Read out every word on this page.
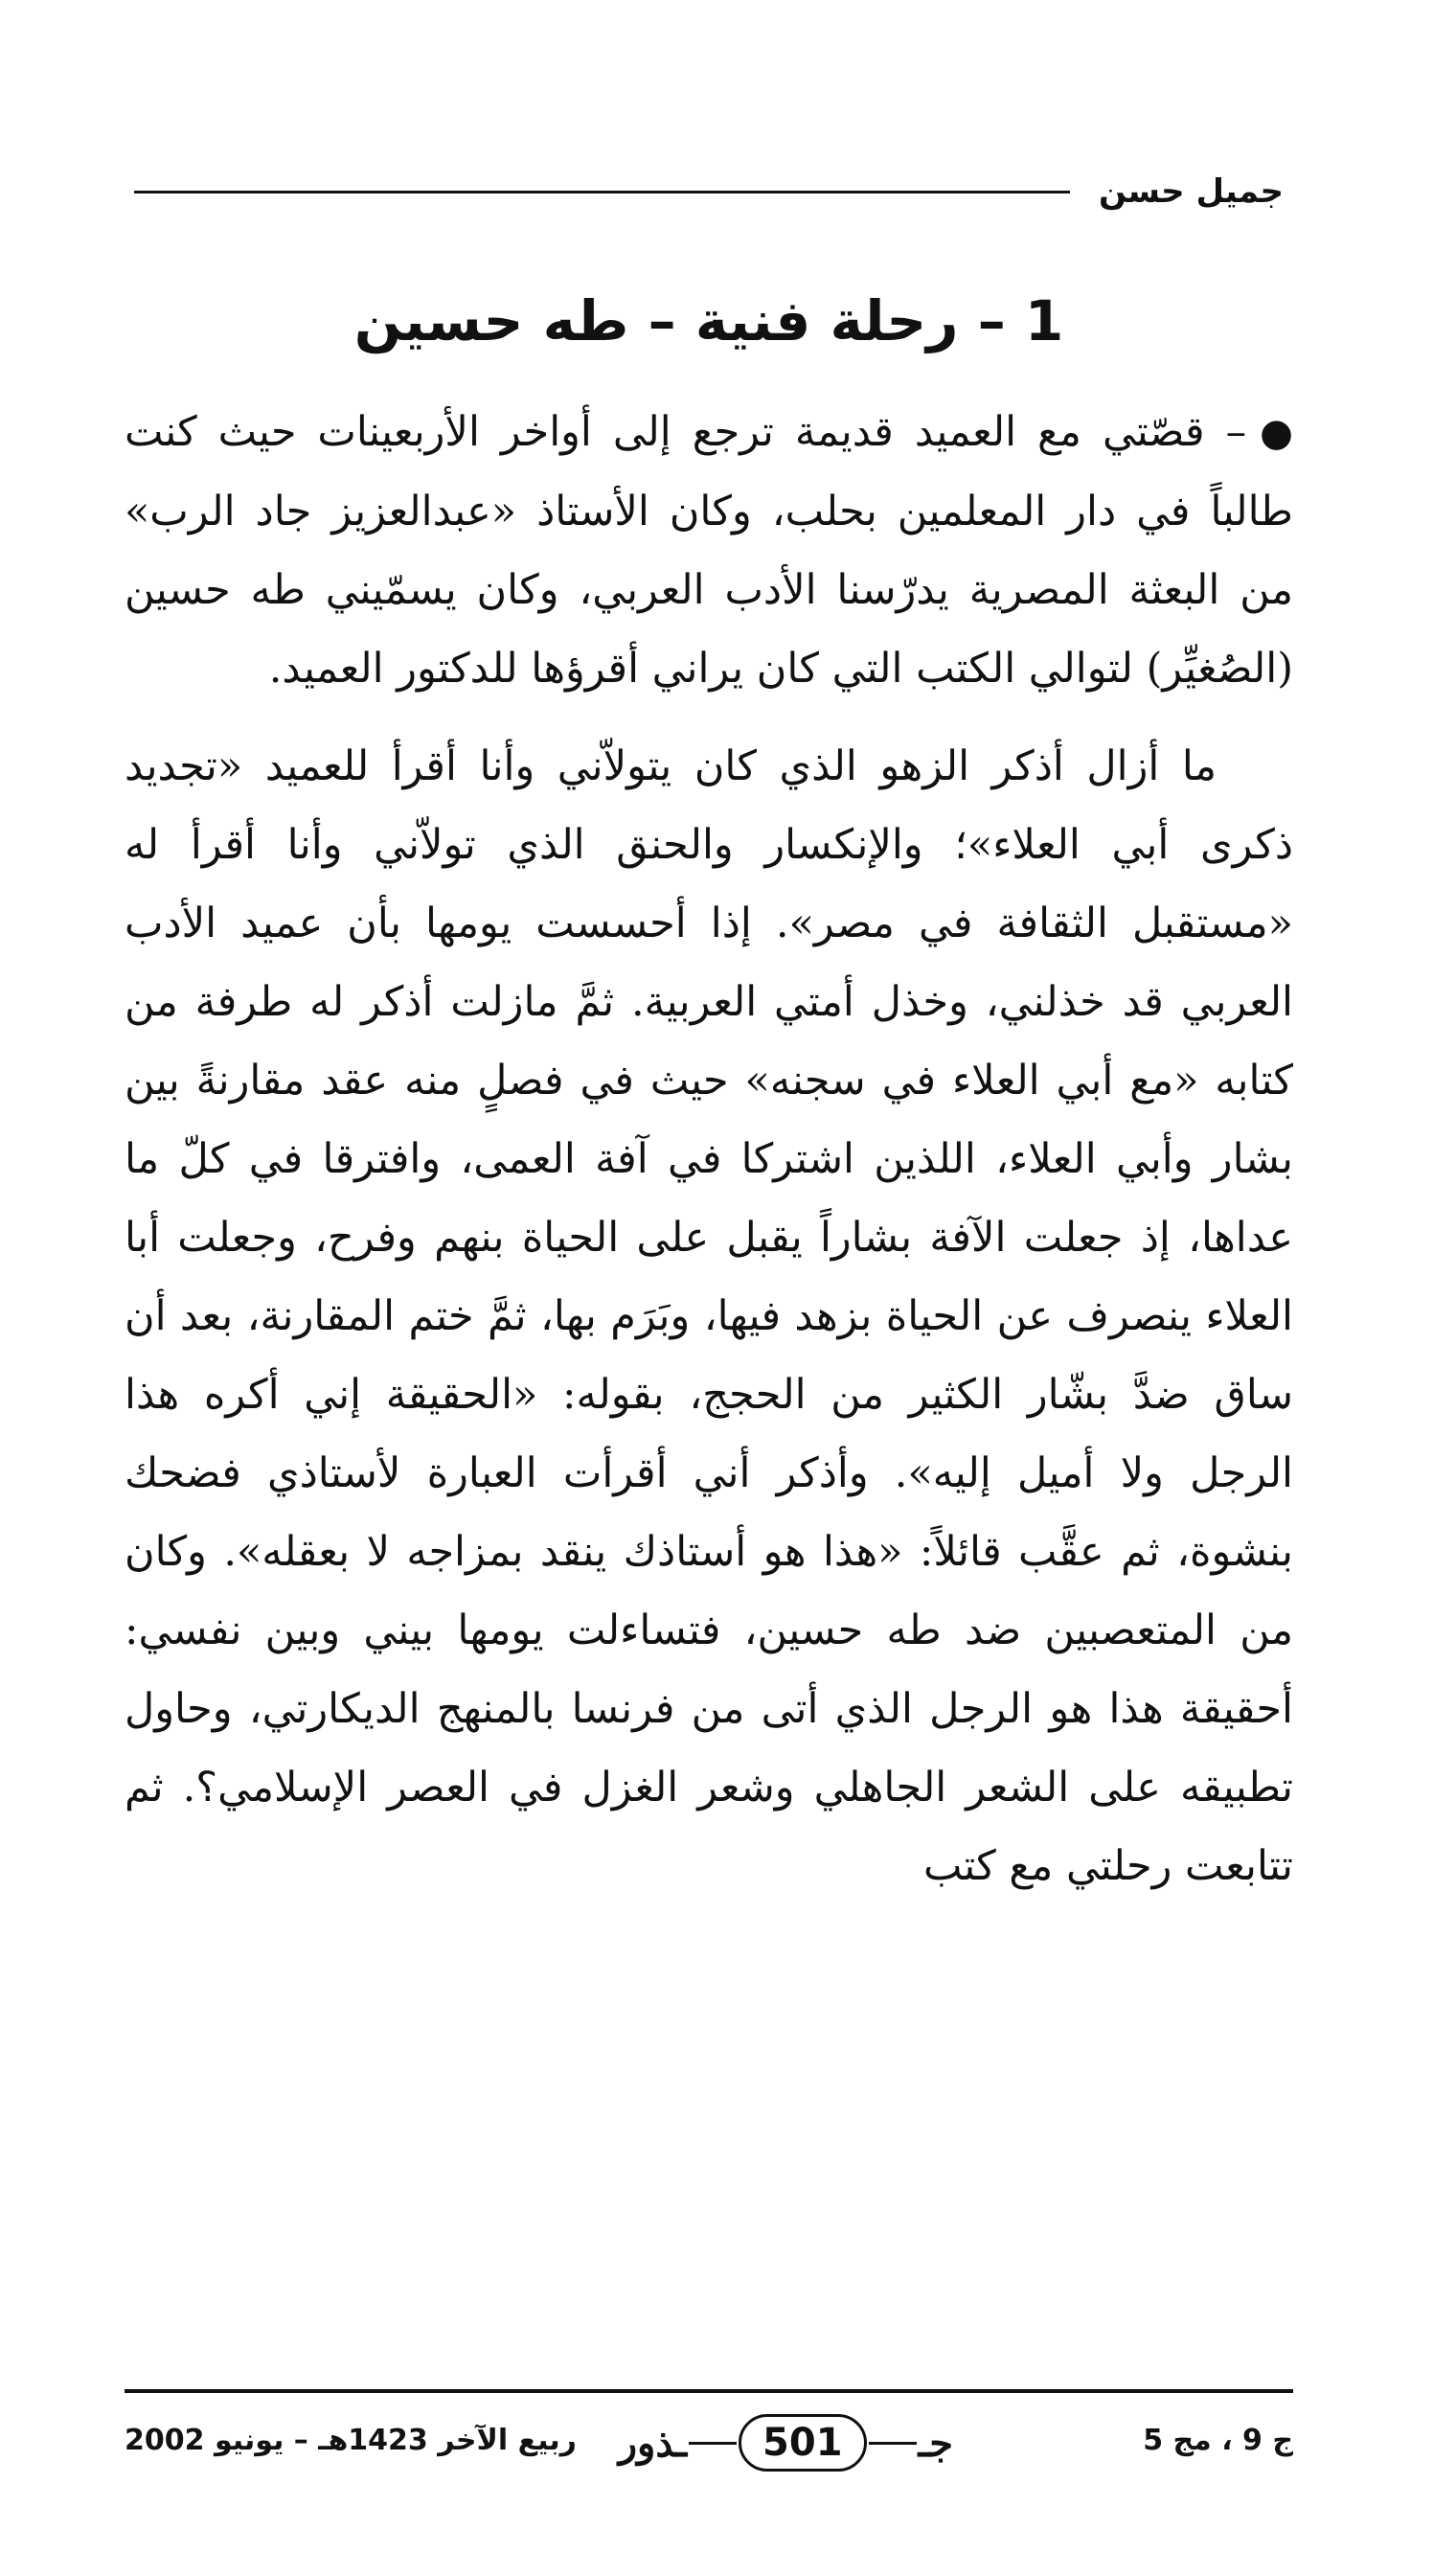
جميل حسن
1 – رحلة فنية – طه حسين

●– قصّتي مع العميد قديمة ترجع إلى أواخر الأربعينات حيث كنت طالباً في دار المعلمين بحلب، وكان الأستاذ «عبدالعزيز جاد الرب» من البعثة المصرية يدرّسنا الأدب العربي، وكان يسمّيني طه حسين (الصُغيِّر) لتوالي الكتب التي كان يراني أقرؤها للدكتور العميد.

ما أزال أذكر الزهو الذي كان يتولاّني وأنا أقرأ للعميد «تجديد ذكرى أبي العلاء»؛ والإنكسار والحنق الذي تولاّني وأنا أقرأ له «مستقبل الثقافة في مصر». إذا أحسست يومها بأن عميد الأدب العربي قد خذلني، وخذل أمتي العربية. ثمَّ مازلت أذكر له طرفة من كتابه «مع أبي العلاء في سجنه» حيث في فصلٍ منه عقد مقارنةً بين بشار وأبي العلاء، اللذين اشتركا في آفة العمى، وافترقا في كلّ ما عداها، إذ جعلت الآفة بشاراً يقبل على الحياة بنهم وفرح، وجعلت أبا العلاء ينصرف عن الحياة بزهد فيها، وبَرَم بها، ثمَّ ختم المقارنة، بعد أن ساق ضدَّ بشّار الكثير من الحجج، بقوله: «الحقيقة إني أكره هذا الرجل ولا أميل إليه». وأذكر أني أقرأت العبارة لأستاذي فضحك بنشوة، ثم عقَّب قائلاً: «هذا هو أستاذك ينقد بمزاجه لا بعقله». وكان من المتعصبين ضد طه حسين، فتساءلت يومها بيني وبين نفسي: أحقيقة هذا هو الرجل الذي أتى من فرنسا بالمنهج الديكارتي، وحاول تطبيقه على الشعر الجاهلي وشعر الغزل في العصر الإسلامي؟. ثم تتابعت رحلتي مع كتب

ج 9 ، مج 5
جـ
501
ـذور
ربيع الآخر 1423هـ – يونيو 2002
